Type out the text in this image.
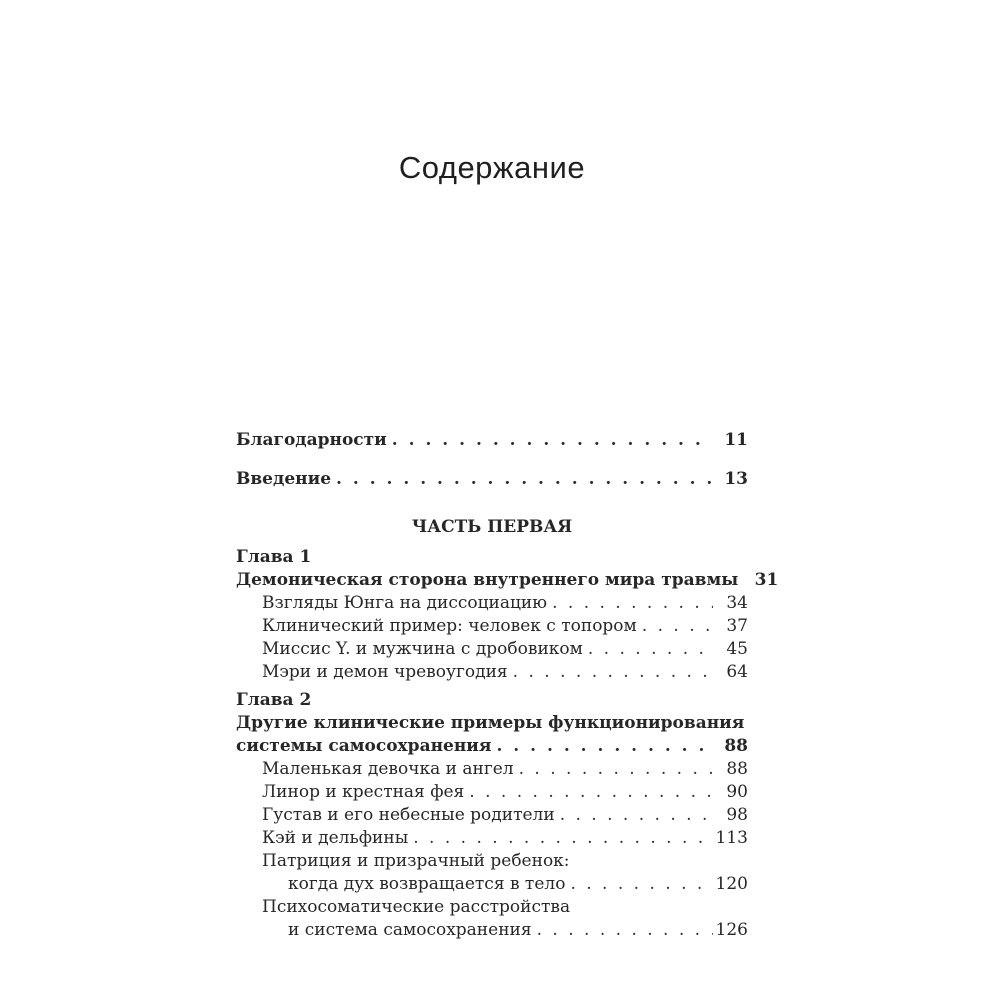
Содержание
Благодарности . . .	11
Введение . . .	13
ЧАСТЬ ПЕРВАЯ
Глава 1
Демоническая сторона внутреннего мира травмы 31
Взгляды Юнга на диссоциацию . . .	34
Клинический пример: человек с топором . . .	37
Миссис Y. и мужчина с дробовиком . . .	45
Мэри и демон чревоугодия . . .	64
Глава 2
Другие клинические примеры функционирования
системы самосохранения . . .	88
Маленькая девочка и ангел . . .	88
Линор и крестная фея . . .	90
Густав и его небесные родители . . .	98
Кэй и дельфины . . .	113
Патриция и призрачный ребенок:
когда дух возвращается в тело . . .	120
Психосоматические расстройства
и система самосохранения . . .	126
